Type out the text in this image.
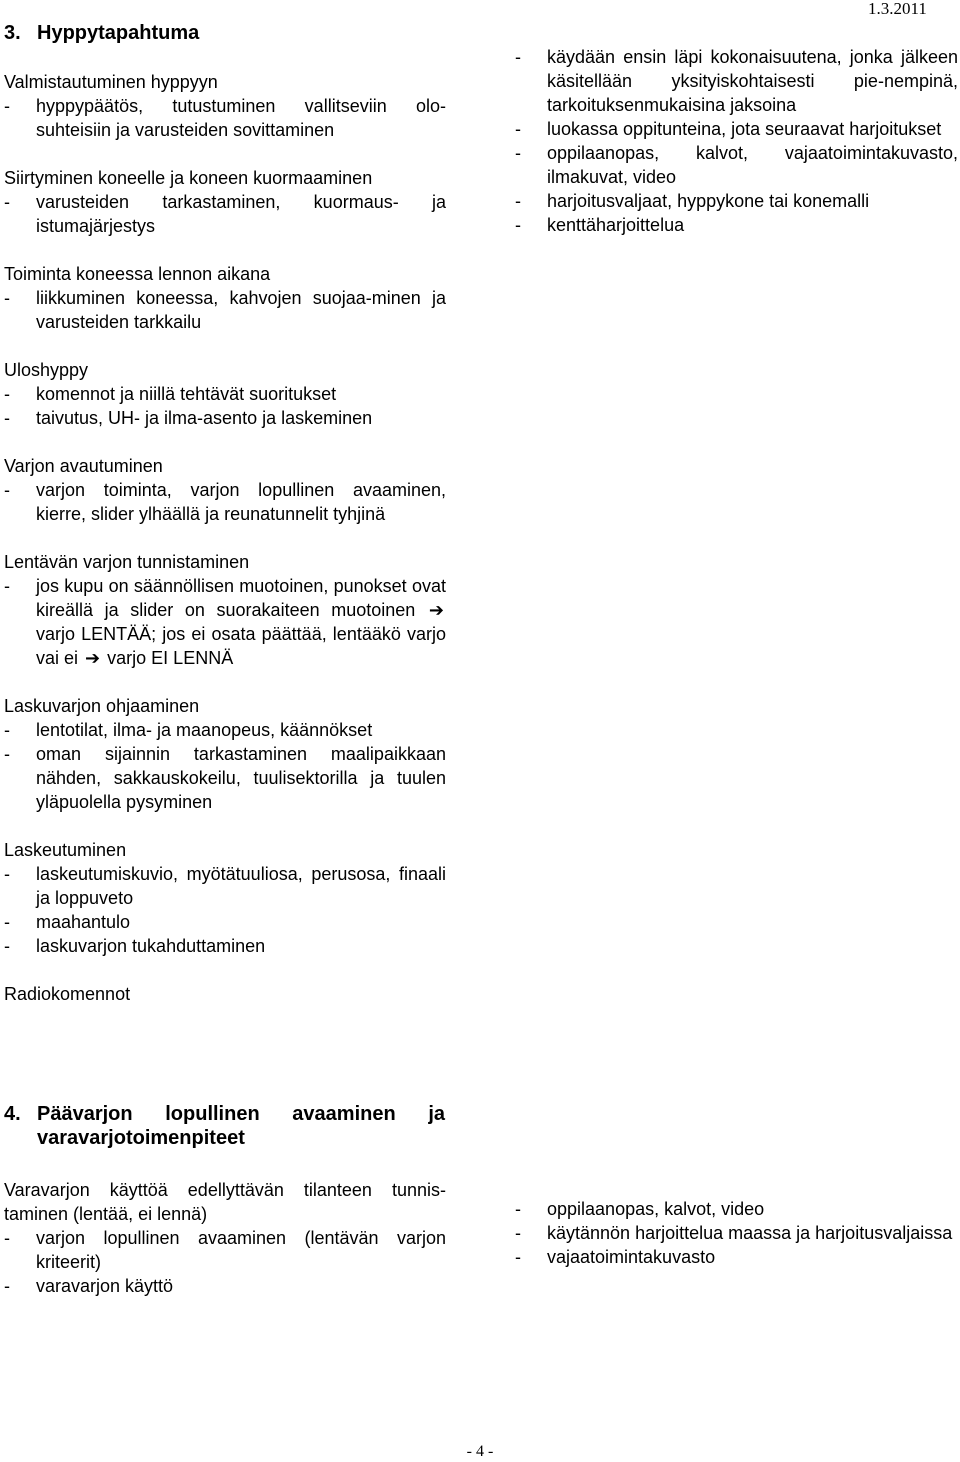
1.3.2011
3. Hyppytapahtuma

Valmistautuminen hyppyyn

-	hyppypäätös, tutustuminen vallitseviin olo-suhteisiin ja varusteiden sovittaminen

Siirtyminen koneelle ja koneen kuormaaminen

-	varusteiden tarkastaminen, kuormaus- ja istumajärjestys

Toiminta koneessa lennon aikana

-	liikkuminen koneessa, kahvojen suojaa-minen ja varusteiden tarkkailu

Uloshyppy

-	komennot ja niillä tehtävät suoritukset
-	taivutus, UH- ja ilma-asento ja laskeminen

Varjon avautuminen

-	varjon toiminta, varjon lopullinen avaaminen, kierre, slider ylhäällä ja reunatunnelit tyhjinä

Lentävän varjon tunnistaminen

-	jos kupu on säännöllisen muotoinen, punokset ovat kireällä ja slider on suorakaiteen muotoinen ➔ varjo LENTÄÄ; jos ei osata päättää, lentääkö varjo vai ei ➔ varjo EI LENNÄ

Laskuvarjon ohjaaminen

-	lentotilat, ilma- ja maanopeus, käännökset
-	oman sijainnin tarkastaminen maalipaikkaan nähden, sakkauskokeilu, tuulisektorilla ja tuulen yläpuolella pysyminen

Laskeutuminen

-	laskeutumiskuvio, myötätuuliosa, perusosa, finaali ja loppuveto
-	maahantulo
-	laskuvarjon tukahduttaminen

Radiokomennot

-	käydään ensin läpi kokonaisuutena, jonka jälkeen käsitellään yksityiskohtaisesti pie-nempinä, tarkoituksenmukaisina jaksoina
-	luokassa oppitunteina, jota seuraavat harjoitukset
-	oppilaanopas, kalvot, vajaatoimintakuvasto, ilmakuvat, video
-	harjoitusvaljaat, hyppykone tai konemalli
-	kenttäharjoittelua
4. Päävarjon lopullinen avaaminen ja varavarjotoimenpiteet

Varavarjon käyttöä edellyttävän tilanteen tunnis-taminen (lentää, ei lennä)

-	varjon lopullinen avaaminen (lentävän varjon kriteerit)
-	varavarjon käyttö
-	oppilaanopas, kalvot, video
-	käytännön harjoittelua maassa ja harjoitusvaljaissa
-	vajaatoimintakuvasto
- 4 -
